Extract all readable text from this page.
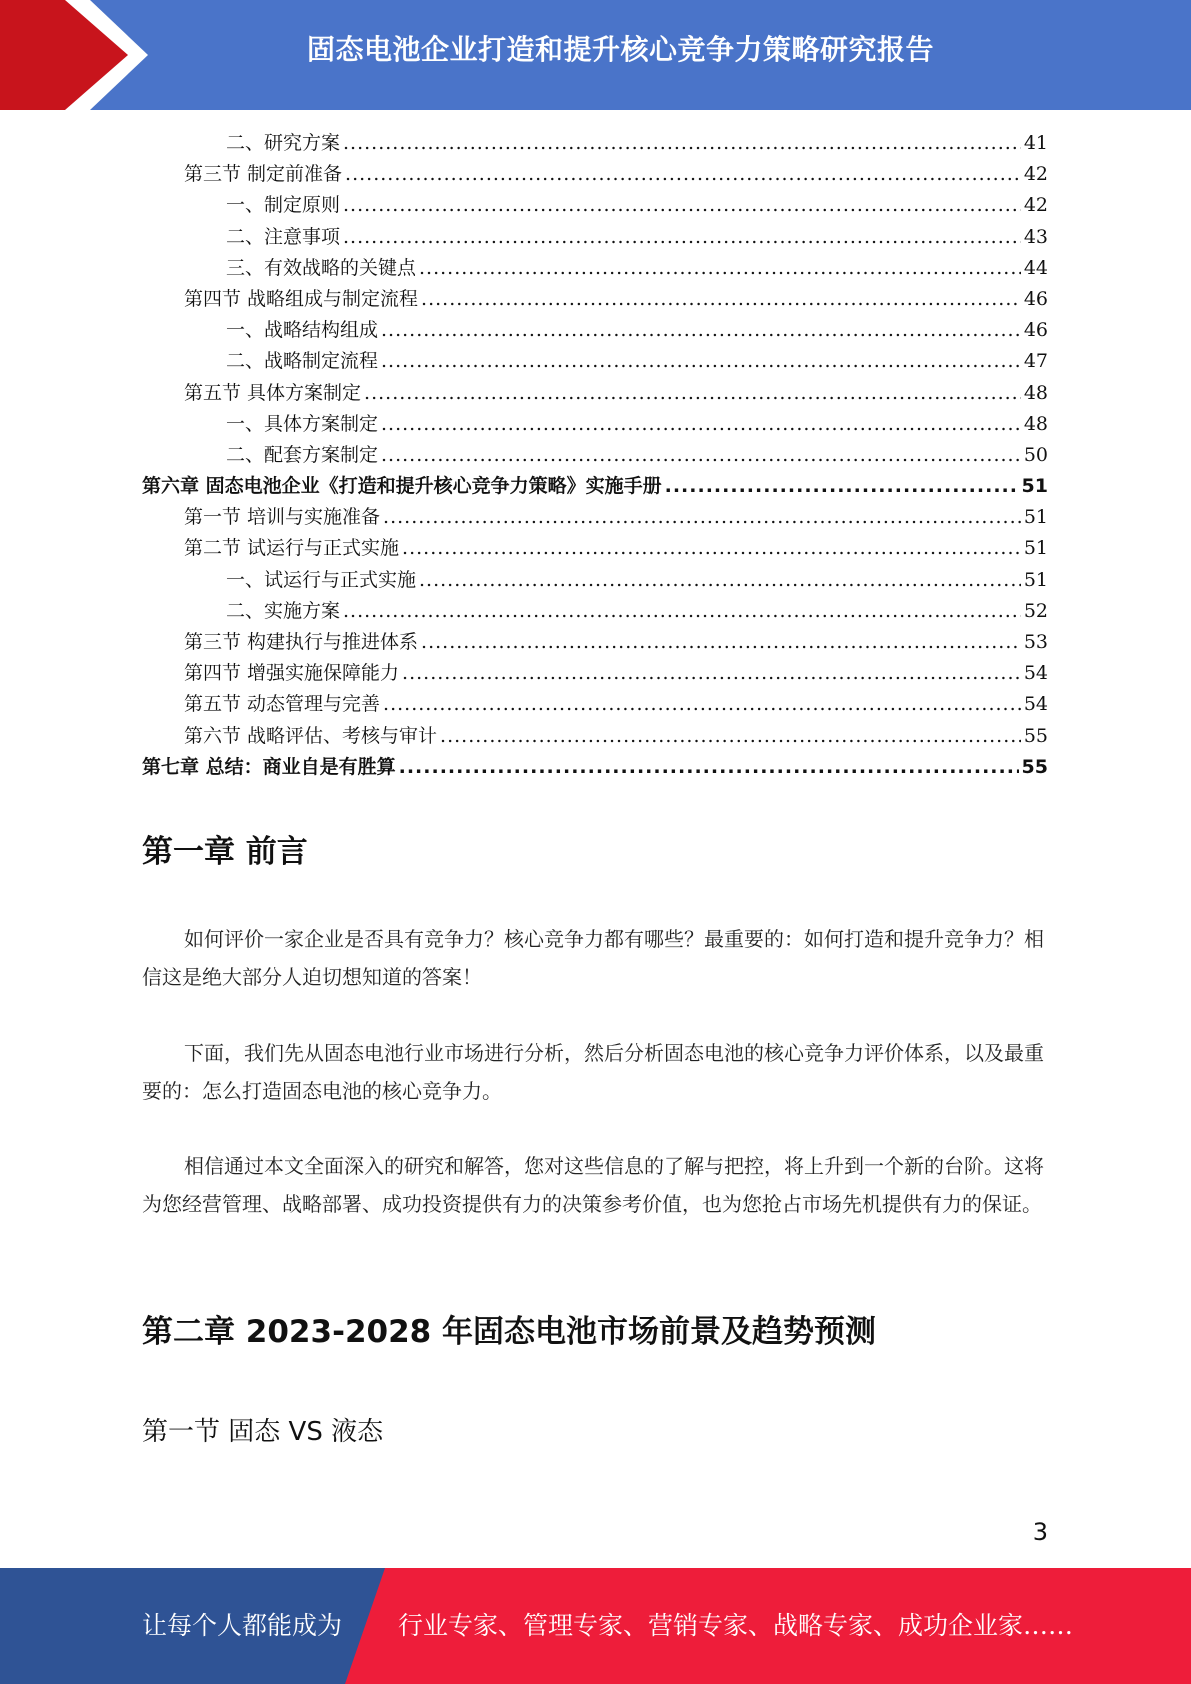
固态电池企业打造和提升核心竞争力策略研究报告
二、研究方案 .....	41
第三节 制定前准备 .....	42
一、制定原则 .....	42
二、注意事项 .....	43
三、有效战略的关键点 .....	44
第四节 战略组成与制定流程 .....	46
一、战略结构组成 .....	46
二、战略制定流程 .....	47
第五节 具体方案制定 .....	48
一、具体方案制定 .....	48
二、配套方案制定 .....	50
第六章 固态电池企业《打造和提升核心竞争力策略》实施手册 .....	51
第一节 培训与实施准备 .....	51
第二节 试运行与正式实施 .....	51
一、试运行与正式实施 .....	51
二、实施方案 .....	52
第三节 构建执行与推进体系 .....	53
第四节 增强实施保障能力 .....	54
第五节 动态管理与完善 .....	54
第六节 战略评估、考核与审计 .....	55
第七章 总结：商业自是有胜算 .....	55
第一章 前言

如何评价一家企业是否具有竞争力？核心竞争力都有哪些？最重要的：如何打造和提升竞争力？相信这是绝大部分人迫切想知道的答案！

下面，我们先从固态电池行业市场进行分析，然后分析固态电池的核心竞争力评价体系，以及最重要的：怎么打造固态电池的核心竞争力。

相信通过本文全面深入的研究和解答，您对这些信息的了解与把控，将上升到一个新的台阶。这将为您经营管理、战略部署、成功投资提供有力的决策参考价值，也为您抢占市场先机提供有力的保证。

第二章 2023-2028 年固态电池市场前景及趋势预测
第一节 固态 VS 液态
3
让每个人都能成为 行业专家、管理专家、营销专家、战略专家、成功企业家……
